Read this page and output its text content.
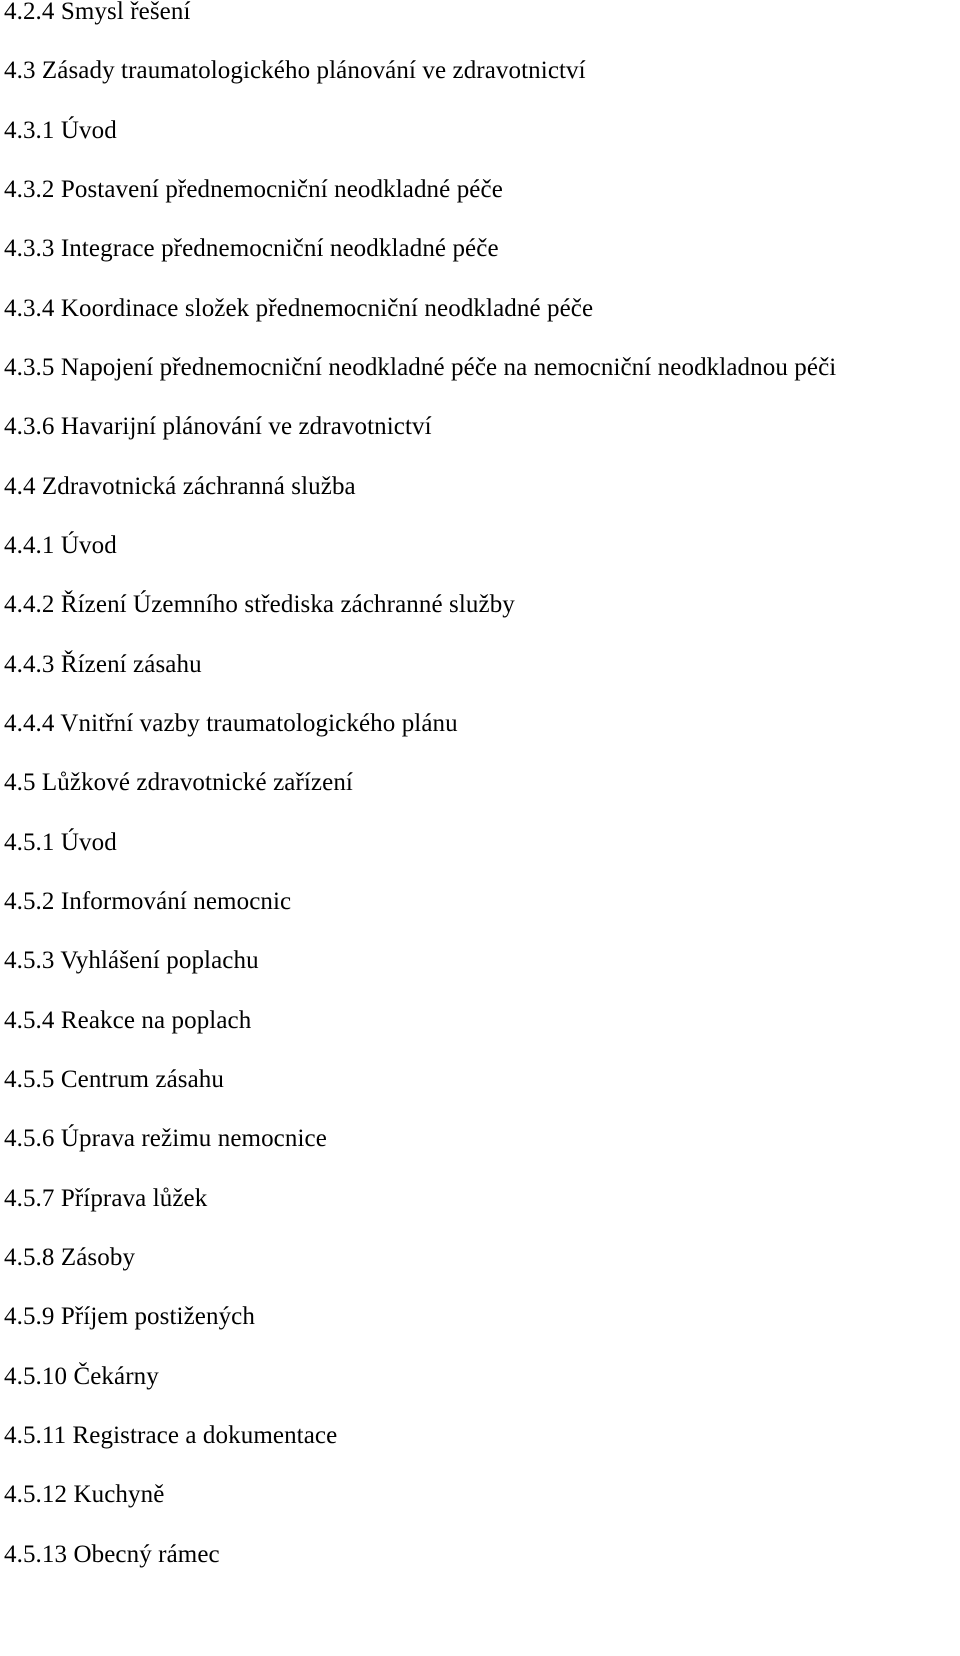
4.2.4 Smysl řešení
4.3 Zásady traumatologického plánování ve zdravotnictví
4.3.1 Úvod
4.3.2 Postavení přednemocniční neodkladné péče
4.3.3 Integrace přednemocniční neodkladné péče
4.3.4 Koordinace složek přednemocniční neodkladné péče
4.3.5 Napojení přednemocniční neodkladné péče na nemocniční neodkladnou péči
4.3.6 Havarijní plánování ve zdravotnictví
4.4 Zdravotnická záchranná služba
4.4.1 Úvod
4.4.2 Řízení Územního střediska záchranné služby
4.4.3 Řízení zásahu
4.4.4 Vnitřní vazby traumatologického plánu
4.5 Lůžkové zdravotnické zařízení
4.5.1 Úvod
4.5.2 Informování nemocnic
4.5.3 Vyhlášení poplachu
4.5.4 Reakce na poplach
4.5.5 Centrum zásahu
4.5.6 Úprava režimu nemocnice
4.5.7 Příprava lůžek
4.5.8 Zásoby
4.5.9 Příjem postižených
4.5.10 Čekárny
4.5.11 Registrace a dokumentace
4.5.12 Kuchyně
4.5.13 Obecný rámec
